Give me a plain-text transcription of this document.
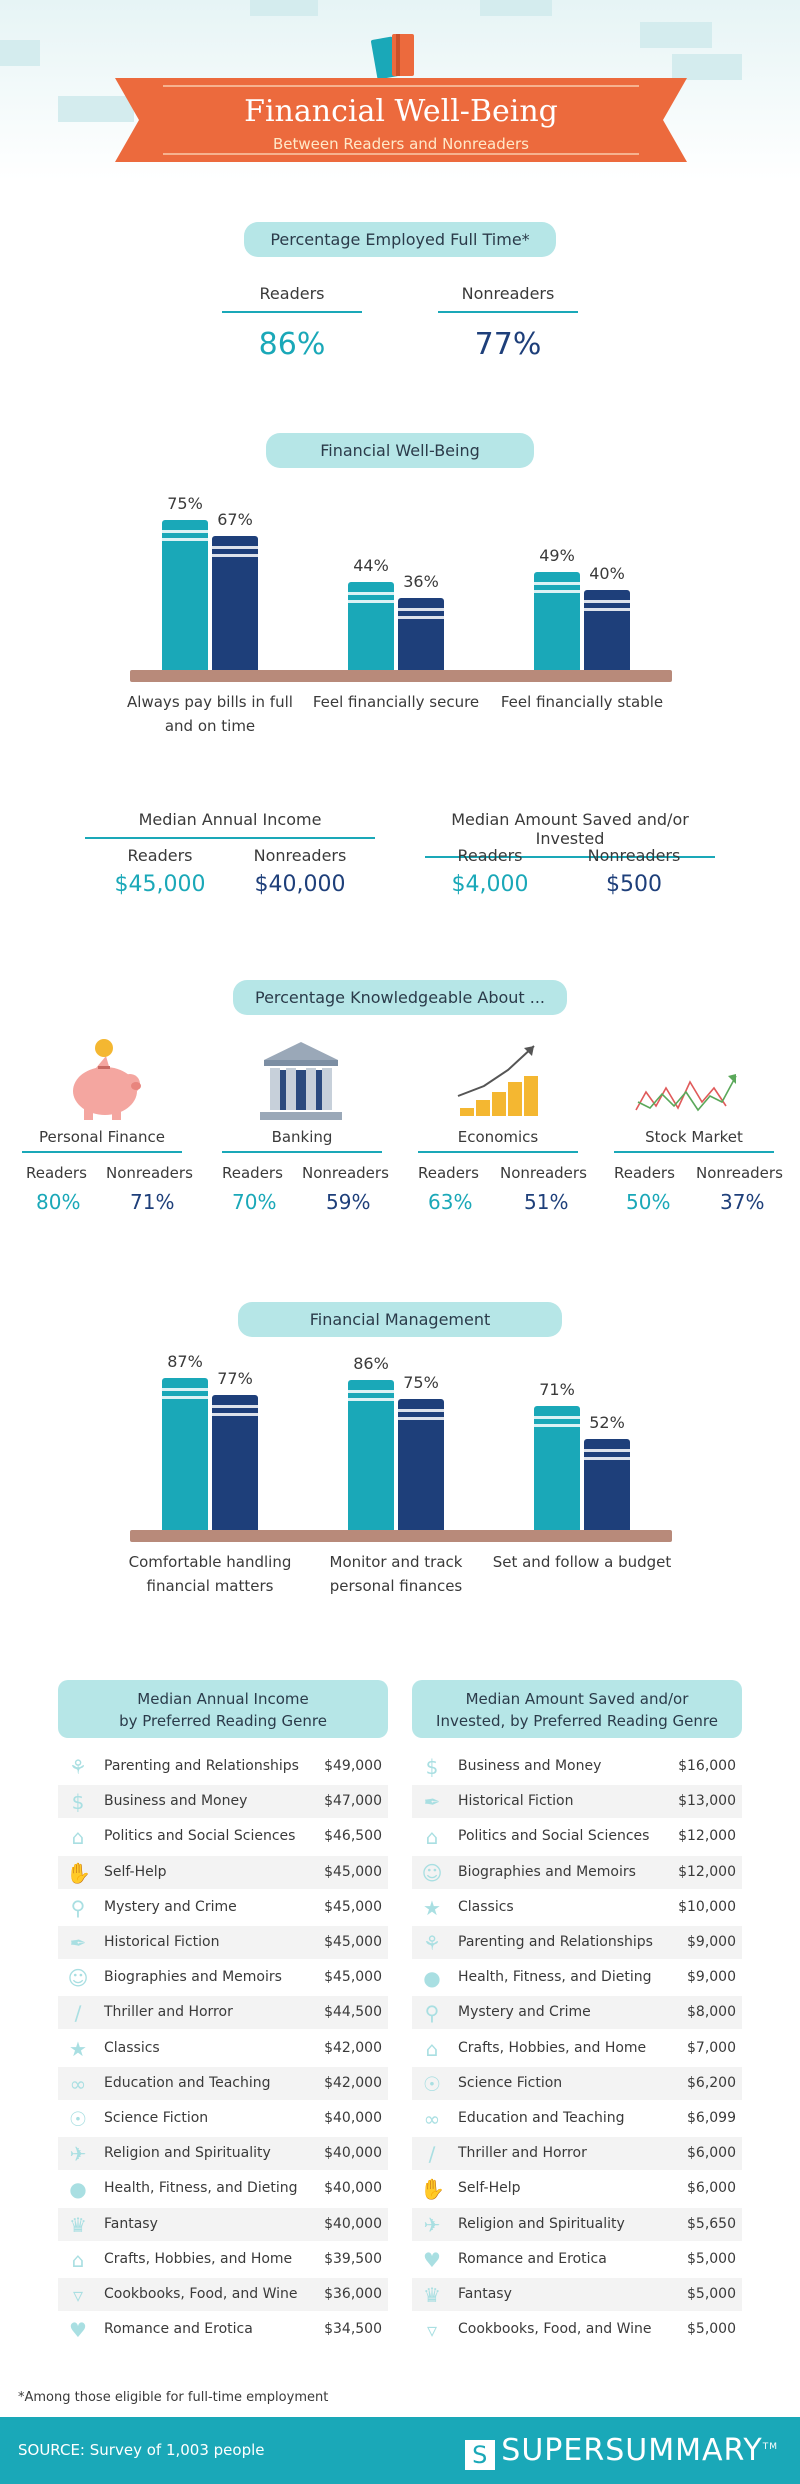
Financial Well-Being
Between Readers and Nonreaders
Percentage Employed Full Time*
Readers
86%
Nonreaders
77%
Financial Well-Being
75%
67%
Always pay bills in full and on time
44%
36%
Feel financially secure
49%
40%
Feel financially stable
Median Annual Income
Readers	Nonreaders
$45,000	$40,000
Median Amount Saved and/or Invested
Readers	Nonreaders
$4,000	$500
Percentage Knowledgeable About ...
Personal Finance
Readers Nonreaders
80% 71%
Banking
Readers Nonreaders
70% 59%
Economics
Readers Nonreaders
63%	51%
Stock Market
Readers Nonreaders
50% 37%
Financial Management
87%
77%
Comfortable handling financial matters
86%
75%
Monitor and track personal finances
71%
52%
Set and follow a budget
Median Annual Income
by Preferred Reading Genre
Median Amount Saved and/or
Invested, by Preferred Reading Genre
⚘ Parenting and Relationships $49,000
$	Business and Money	$47,000
⌂	Politics and Social Sciences $46,500
✋ Self-Help	$45,000
⚲	Mystery and Crime	$45,000
✒ Historical Fiction	$45,000
☺ Biographies and Memoirs	$45,000
∕	Thriller and Horror	$44,500
★ Classics	$42,000
∞ Education and Teaching	$42,000
☉ Science Fiction	$40,000
✈ Religion and Spirituality	$40,000
● Health, Fitness, and Dieting $40,000
♛ Fantasy	$40,000
⌂	Crafts, Hobbies, and Home $39,500
▿	Cookbooks, Food, and Wine $36,000
♥ Romance and Erotica	$34,500
$	Business and Money	$16,000
✒ Historical Fiction	$13,000
⌂	Politics and Social Sciences $12,000
☺ Biographies and Memoirs	$12,000
★ Classics	$10,000
⚘ Parenting and Relationships $9,000
● Health, Fitness, and Dieting	$9,000
⚲	Mystery and Crime	$8,000
⌂	Crafts, Hobbies, and Home	$7,000
☉ Science Fiction	$6,200
∞ Education and Teaching	$6,099
∕	Thriller and Horror	$6,000
✋ Self-Help	$6,000
✈ Religion and Spirituality	$5,650
♥ Romance and Erotica	$5,000
♛ Fantasy	$5,000
▿	Cookbooks, Food, and Wine	$5,000
*Among those eligible for full-time employment
SOURCE: Survey of 1,003 people	S SUPERSUMMARY™
